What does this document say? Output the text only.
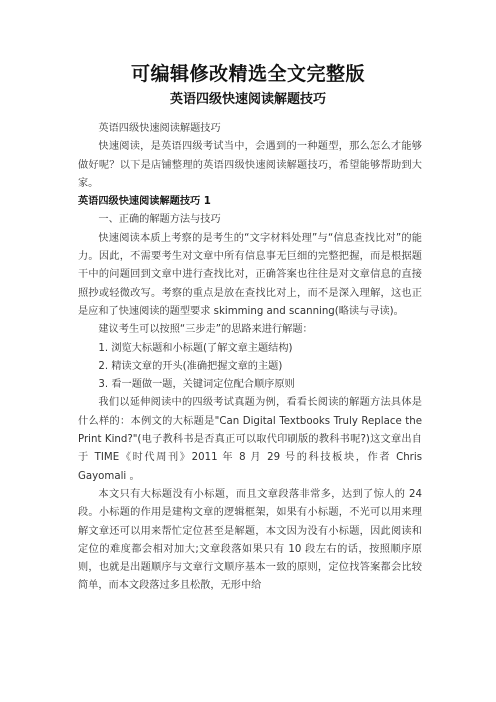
可编辑修改精选全文完整版
英语四级快速阅读解题技巧

英语四级快速阅读解题技巧

快速阅读，是英语四级考试当中，会遇到的一种题型，那么怎么才能够做好呢？以下是店铺整理的英语四级快速阅读解题技巧，希望能够帮助到大家。

英语四级快速阅读解题技巧 1

一、正确的解题方法与技巧

快速阅读本质上考察的是考生的“文字材料处理”与“信息查找比对”的能力。因此，不需要考生对文章中所有信息事无巨细的完整把握，而是根据题干中的问题回到文章中进行查找比对，正确答案也往往是对文章信息的直接照抄或轻微改写。考察的重点是放在查找比对上，而不是深入理解，这也正是应和了快速阅读的题型要求 skimming and scanning(略读与寻读)。

建议考生可以按照“三步走”的思路来进行解题：

1. 浏览大标题和小标题(了解文章主题结构)

2. 精读文章的开头(准确把握文章的主题)

3. 看一题做一题，关键词定位配合顺序原则

我们以延伸阅读中的四级考试真题为例，看看长阅读的解题方法具体是什么样的：本例文的大标题是"Can Digital Textbooks Truly Replace the Print Kind?"(电子教科书是否真正可以取代印刷版的教科书呢?)这文章出自于 TIME《时代周刊》2011 年 8 月 29 号的科技板块，作者 Chris Gayomali 。

本文只有大标题没有小标题，而且文章段落非常多，达到了惊人的 24 段。小标题的作用是建构文章的逻辑框架，如果有小标题，不光可以用来理解文章还可以用来帮忙定位甚至是解题，本文因为没有小标题，因此阅读和定位的难度都会相对加大;文章段落如果只有 10 段左右的话，按照顺序原则，也就是出题顺序与文章行文顺序基本一致的原则，定位找答案都会比较简单，而本文段落过多且松散，无形中给
